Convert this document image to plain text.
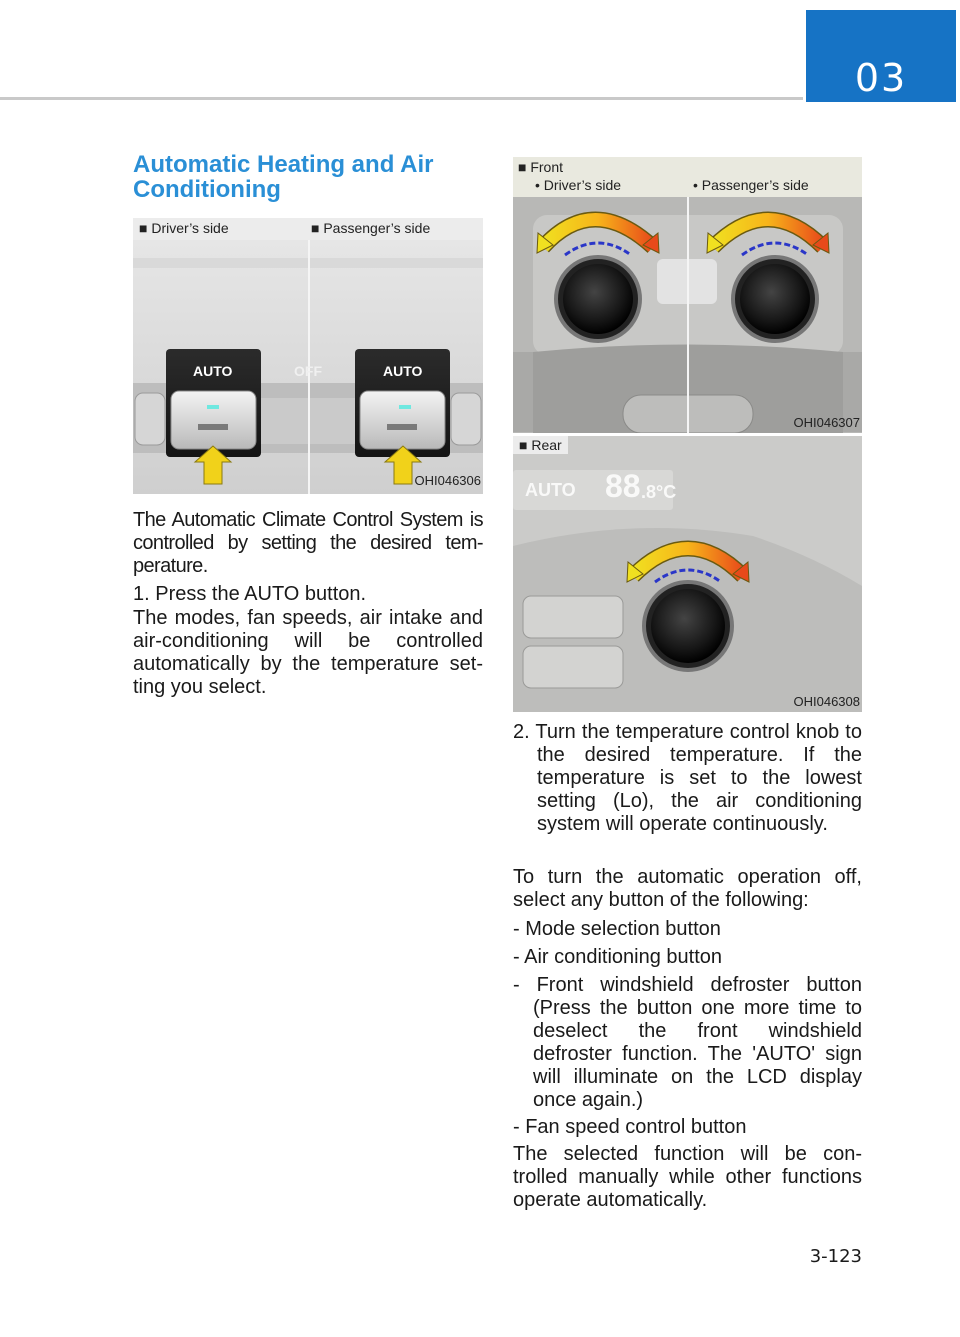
03
Automatic Heating and Air Conditioning
■ Driver’s side	■ Passenger’s side
AUTO	AUTO
OFF
OHI046306
The Automatic Climate Control System is controlled by setting the desired tem-perature.
1. Press the AUTO button.
The modes, fan speeds, air intake and air-conditioning will be controlled automatically by the temperature set-ting you select.
■ Front
• Driver’s side	• Passenger’s side
OHI046307
■ Rear
AUTO 88 .8°C
OHI046308
2. Turn the temperature control knob to the desired temperature. If the temperature is set to the lowest setting (Lo), the air conditioning system will operate continuously.
To turn the automatic operation off, select any button of the following:
- Mode selection button
- Air conditioning button
- Front windshield defroster button (Press the button one more time to deselect the front windshield defroster function. The 'AUTO' sign will illuminate on the LCD display once again.)
- Fan speed control button
The selected function will be con-trolled manually while other functions operate automatically.
3-123
